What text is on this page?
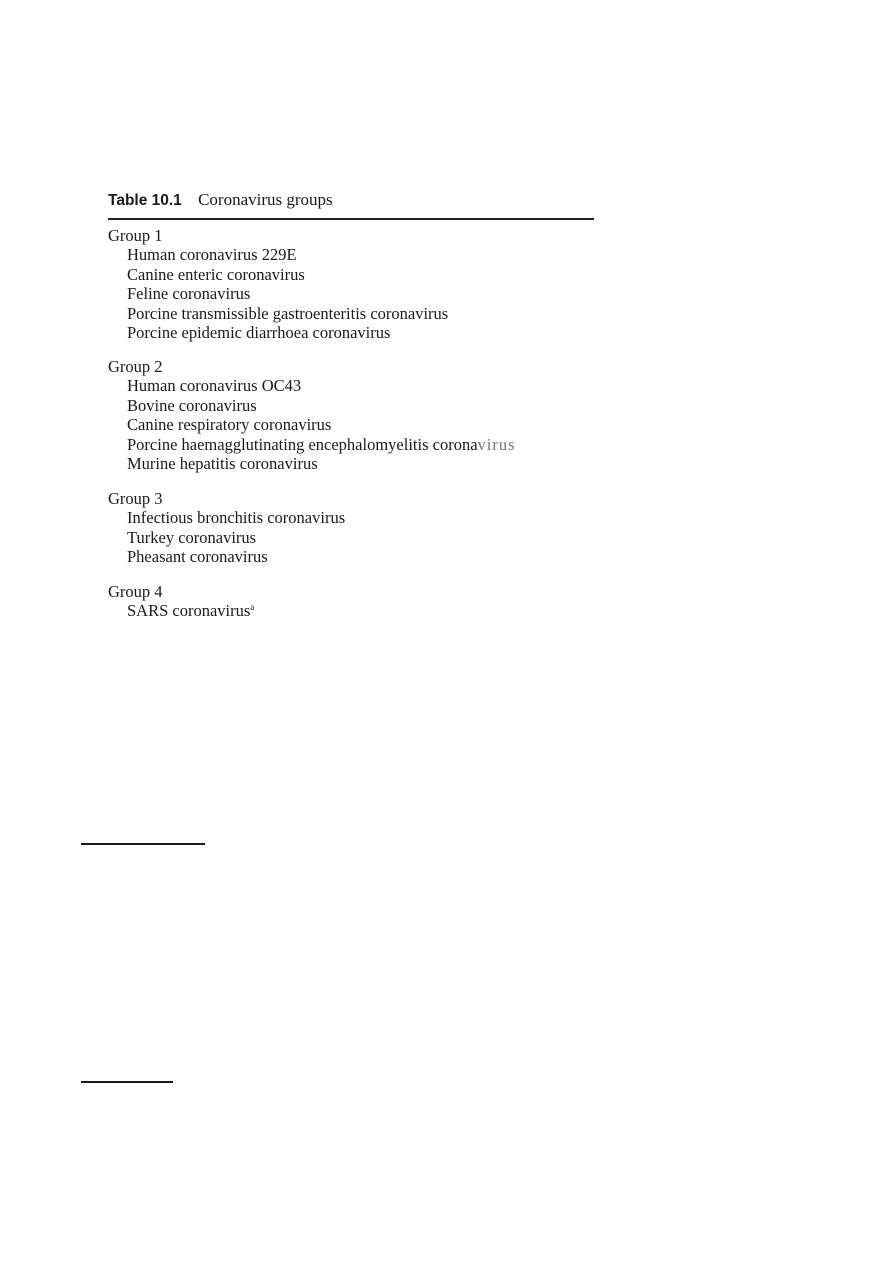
Table 10.1 Coronavirus groups
Group 1
Human coronavirus 229E
Canine enteric coronavirus
Feline coronavirus
Porcine transmissible gastroenteritis coronavirus
Porcine epidemic diarrhoea coronavirus
Group 2
Human coronavirus OC43
Bovine coronavirus
Canine respiratory coronavirus
Porcine haemagglutinating encephalomyelitis coronavirus
Murine hepatitis coronavirus
Group 3
Infectious bronchitis coronavirus
Turkey coronavirus
Pheasant coronavirus
Group 4
SARS coronavirus$^a$
